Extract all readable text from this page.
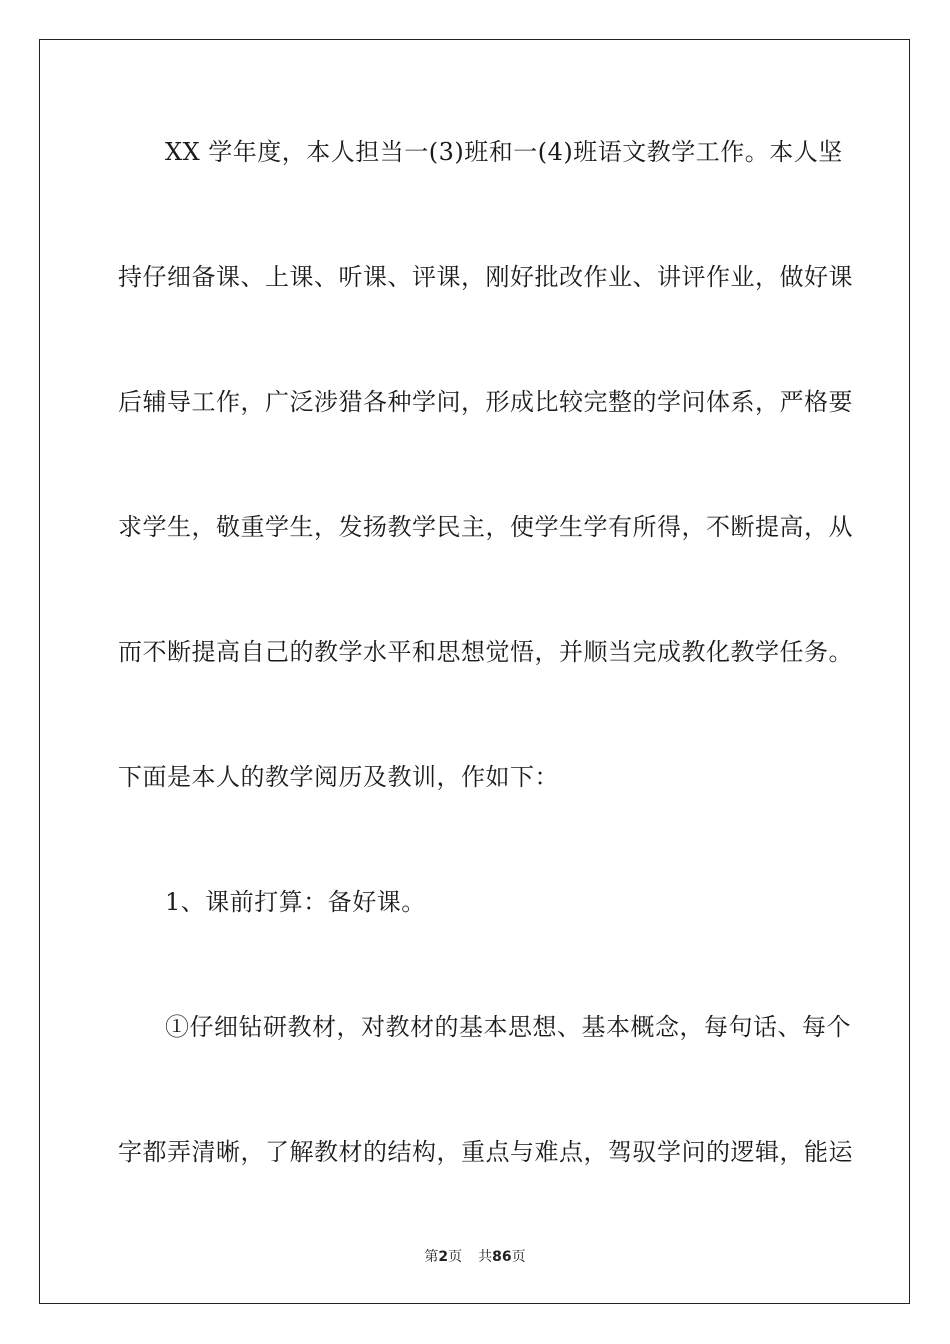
XX 学年度，本人担当一(3)班和一(4)班语文教学工作。本人坚
持仔细备课、上课、听课、评课，刚好批改作业、讲评作业，做好课
后辅导工作，广泛涉猎各种学问，形成比较完整的学问体系，严格要
求学生，敬重学生，发扬教学民主，使学生学有所得，不断提高，从
而不断提高自己的教学水平和思想觉悟，并顺当完成教化教学任务。
下面是本人的教学阅历及教训，作如下：
1、课前打算：备好课。
①仔细钻研教材，对教材的基本思想、基本概念，每句话、每个
字都弄清晰，了解教材的结构，重点与难点，驾驭学问的逻辑，能运
第2页 共86页
